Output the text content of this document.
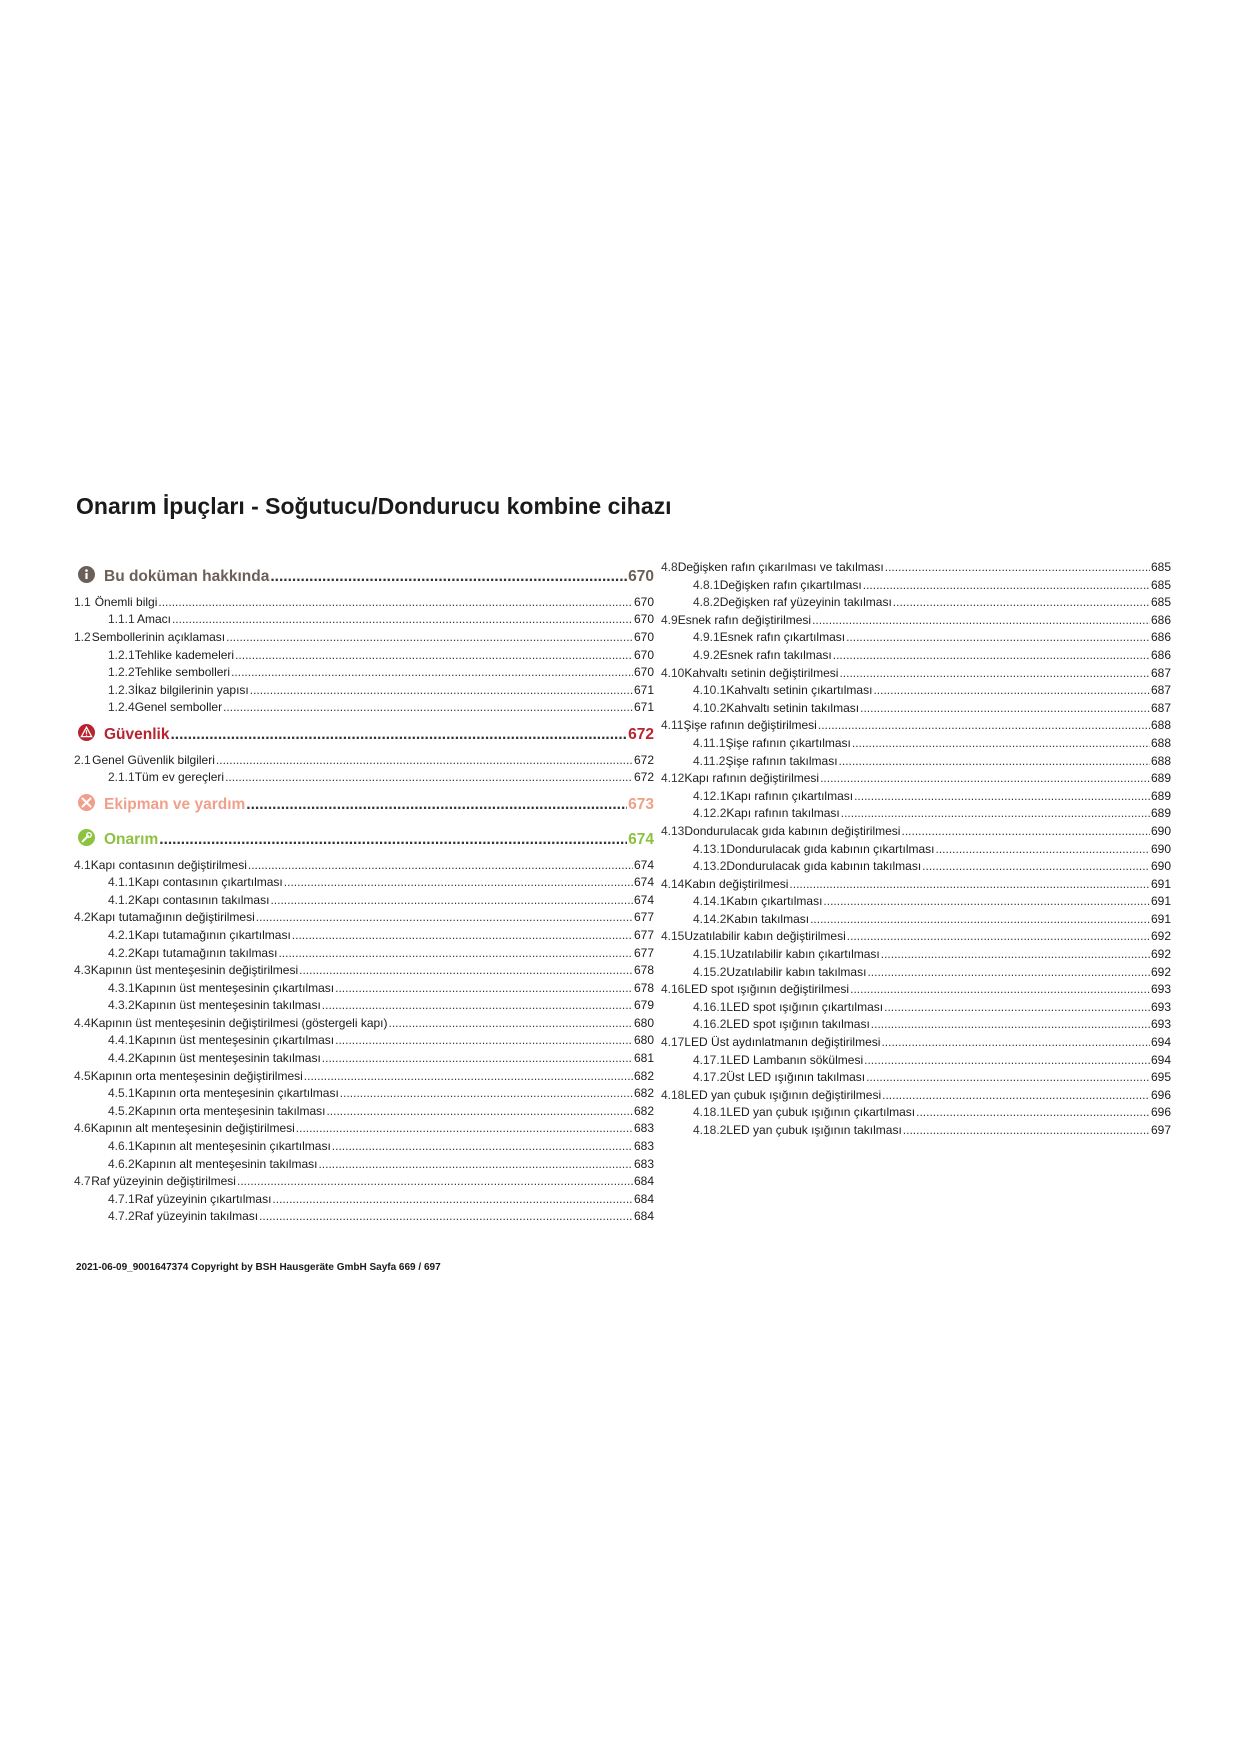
Onarım İpuçları - Soğutucu/Dondurucu kombine cihazı
Bu doküman hakkında .....	670
1.1 Önemli bilgi .....	670
1.1.1 Amacı .....	670
1.2 Sembollerinin açıklaması .....	670
1.2.1 Tehlike kademeleri .....	670
1.2.2 Tehlike sembolleri .....	670
1.2.3 İkaz bilgilerinin yapısı .....	671
1.2.4 Genel semboller .....	671
Güvenlik .....	672
2.1 Genel Güvenlik bilgileri .....	672
2.1.1 Tüm ev gereçleri .....	672
Ekipman ve yardım .....	673
Onarım .....	674
4.1 Kapı contasının değiştirilmesi .....	674
4.1.1 Kapı contasının çıkartılması .....	674
4.1.2 Kapı contasının takılması .....	674
4.2 Kapı tutamağının değiştirilmesi .....	677
4.2.1 Kapı tutamağının çıkartılması .....	677
4.2.2 Kapı tutamağının takılması .....	677
4.3 Kapının üst menteşesinin değiştirilmesi .....	678
4.3.1 Kapının üst menteşesinin çıkartılması .....	678
4.3.2 Kapının üst menteşesinin takılması .....	679
4.4 Kapının üst menteşesinin değiştirilmesi (göstergeli kapı) .....	680
4.4.1 Kapının üst menteşesinin çıkartılması .....	680
4.4.2 Kapının üst menteşesinin takılması .....	681
4.5 Kapının orta menteşesinin değiştirilmesi .....	682
4.5.1 Kapının orta menteşesinin çıkartılması .....	682
4.5.2 Kapının orta menteşesinin takılması .....	682
4.6 Kapının alt menteşesinin değiştirilmesi .....	683
4.6.1 Kapının alt menteşesinin çıkartılması .....	683
4.6.2 Kapının alt menteşesinin takılması .....	683
4.7 Raf yüzeyinin değiştirilmesi .....	684
4.7.1 Raf yüzeyinin çıkartılması .....	684
4.7.2 Raf yüzeyinin takılması .....	684
4.8 Değişken rafın çıkarılması ve takılması .....	685
4.8.1 Değişken rafın çıkartılması .....	685
4.8.2 Değişken raf yüzeyinin takılması .....	685
4.9 Esnek rafın değiştirilmesi .....	686
4.9.1 Esnek rafın çıkartılması .....	686
4.9.2 Esnek rafın takılması .....	686
4.10 Kahvaltı setinin değiştirilmesi .....	687
4.10.1 Kahvaltı setinin çıkartılması .....	687
4.10.2 Kahvaltı setinin takılması .....	687
4.11 Şişe rafının değiştirilmesi .....	688
4.11.1 Şişe rafının çıkartılması .....	688
4.11.2 Şişe rafının takılması .....	688
4.12 Kapı rafının değiştirilmesi .....	689
4.12.1 Kapı rafının çıkartılması .....	689
4.12.2 Kapı rafının takılması .....	689
4.13 Dondurulacak gıda kabının değiştirilmesi .....	690
4.13.1 Dondurulacak gıda kabının çıkartılması .....	690
4.13.2 Dondurulacak gıda kabının takılması .....	690
4.14 Kabın değiştirilmesi .....	691
4.14.1 Kabın çıkartılması .....	691
4.14.2 Kabın takılması .....	691
4.15 Uzatılabilir kabın değiştirilmesi .....	692
4.15.1 Uzatılabilir kabın çıkartılması .....	692
4.15.2 Uzatılabilir kabın takılması .....	692
4.16 LED spot ışığının değiştirilmesi .....	693
4.16.1 LED spot ışığının çıkartılması .....	693
4.16.2 LED spot ışığının takılması .....	693
4.17 LED Üst aydınlatmanın değiştirilmesi .....	694
4.17.1 LED Lambanın sökülmesi .....	694
4.17.2 Üst LED ışığının takılması .....	695
4.18 LED yan çubuk ışığının değiştirilmesi .....	696
4.18.1 LED yan çubuk ışığının çıkartılması .....	696
4.18.2 LED yan çubuk ışığının takılması .....	697
2021-06-09_9001647374 Copyright by BSH Hausgeräte GmbH Sayfa 669 / 697
